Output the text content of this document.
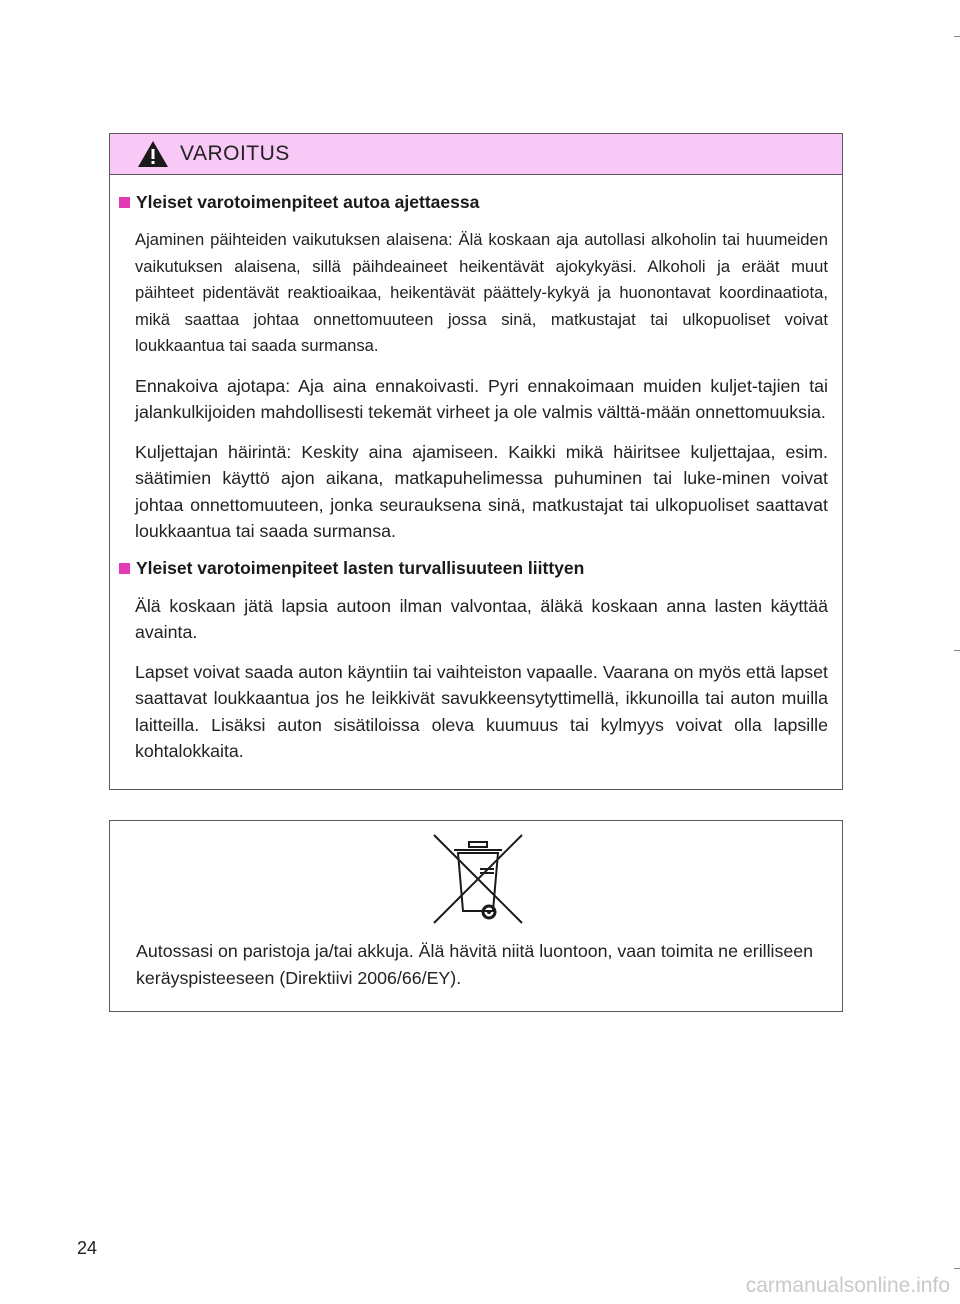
VAROITUS
Yleiset varotoimenpiteet autoa ajettaessa

Ajaminen päihteiden vaikutuksen alaisena: Älä koskaan aja autollasi alkoholin tai huumeiden vaikutuksen alaisena, sillä päihdeaineet heikentävät ajokykyäsi. Alkoholi ja eräät muut päihteet pidentävät reaktioaikaa, heikentävät päättely-kykyä ja huonontavat koordinaatiota, mikä saattaa johtaa onnettomuuteen jossa sinä, matkustajat tai ulkopuoliset voivat loukkaantua tai saada surmansa.

Ennakoiva ajotapa: Aja aina ennakoivasti. Pyri ennakoimaan muiden kuljet-tajien tai jalankulkijoiden mahdollisesti tekemät virheet ja ole valmis välttä-mään onnettomuuksia.

Kuljettajan häirintä: Keskity aina ajamiseen. Kaikki mikä häiritsee kuljettajaa, esim. säätimien käyttö ajon aikana, matkapuhelimessa puhuminen tai luke-minen voivat johtaa onnettomuuteen, jonka seurauksena sinä, matkustajat tai ulkopuoliset saattavat loukkaantua tai saada surmansa.

Yleiset varotoimenpiteet lasten turvallisuuteen liittyen

Älä koskaan jätä lapsia autoon ilman valvontaa, äläkä koskaan anna lasten käyttää avainta.

Lapset voivat saada auton käyntiin tai vaihteiston vapaalle. Vaarana on myös että lapset saattavat loukkaantua jos he leikkivät savukkeensytyttimellä, ikkunoilla tai auton muilla laitteilla. Lisäksi auton sisätiloissa oleva kuumuus tai kylmyys voivat olla lapsille kohtalokkaita.

Autossasi on paristoja ja/tai akkuja. Älä hävitä niitä luontoon, vaan toimita ne erilliseen keräyspisteeseen (Direktiivi 2006/66/EY).

24
carmanualsonline.info
